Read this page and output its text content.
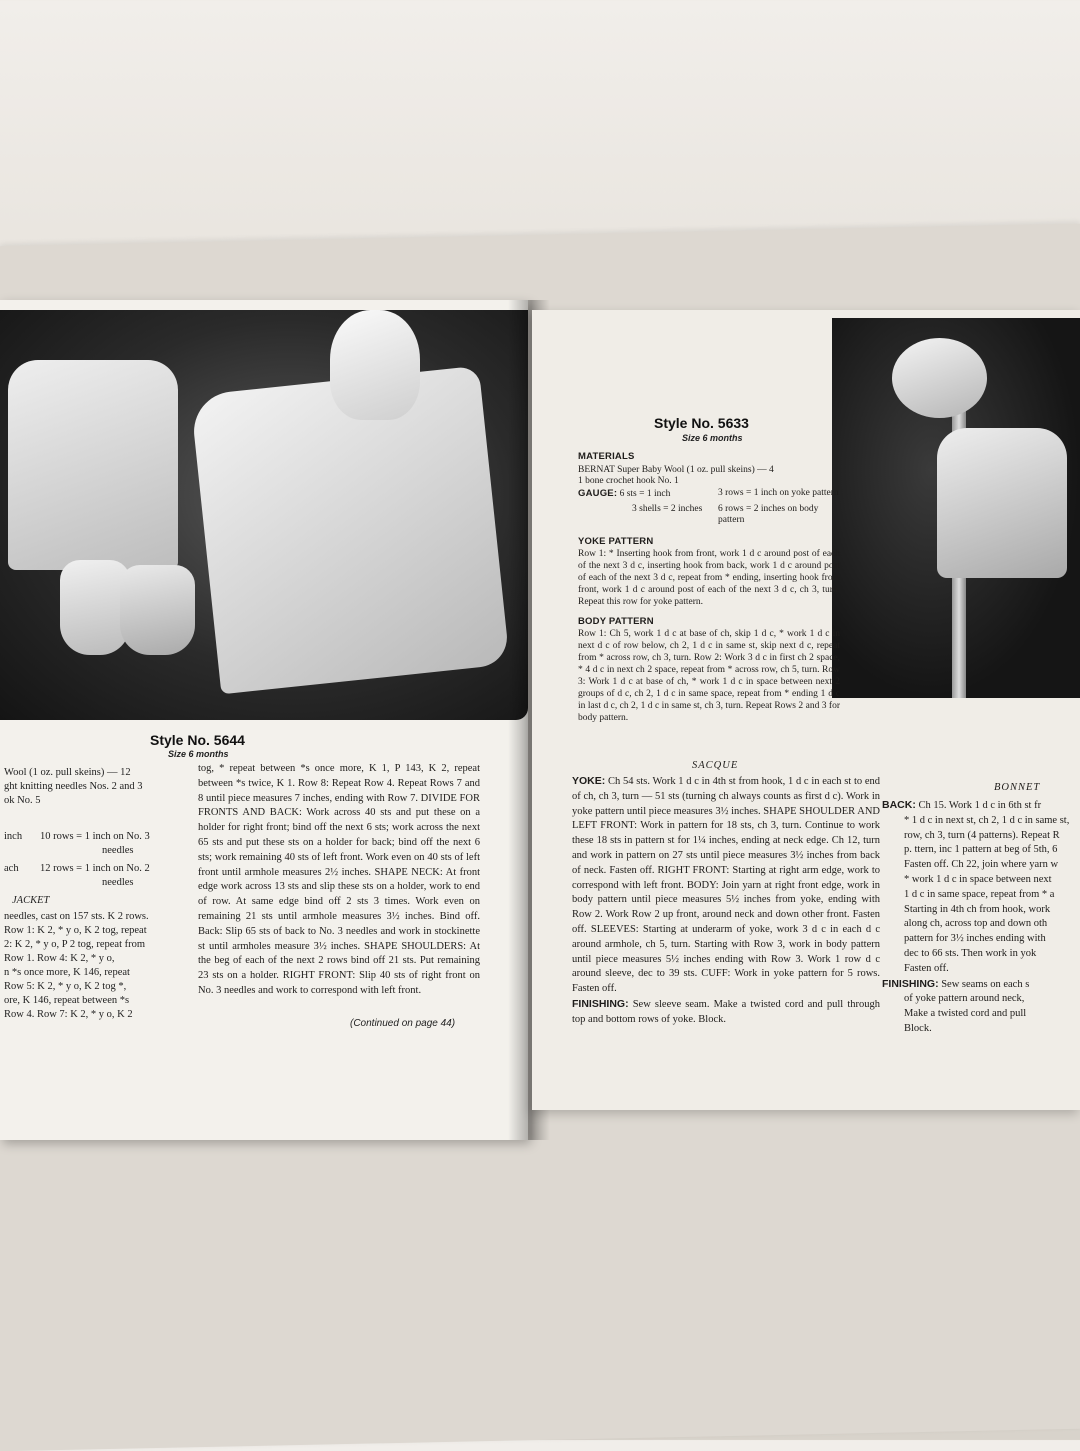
Style No. 5644
Size 6 months
Wool (1 oz. pull skeins) — 12
ght knitting needles Nos. 2 and 3
ok No. 5
inch 10 rows = 1 inch on No. 3
needles
ach 12 rows = 1 inch on No. 2
needles
JACKET
needles, cast on 157 sts. K 2 rows.
Row 1: K 2, * y o, K 2 tog, repeat
2: K 2, * y o, P 2 tog, repeat from
Row 1. Row 4: K 2, * y o,
n *s once more, K 146, repeat
Row 5: K 2, * y o, K 2 tog *,
ore, K 146, repeat between *s
Row 4. Row 7: K 2, * y o, K 2
tog, * repeat between *s once more, K 1, P 143, K 2, repeat between *s twice, K 1. Row 8: Repeat Row 4. Repeat Rows 7 and 8 until piece measures 7 inches, ending with Row 7. DIVIDE FOR FRONTS AND BACK: Work across 40 sts and put these on a holder for right front; bind off the next 6 sts; work across the next 65 sts and put these sts on a holder for back; bind off the next 6 sts; work remaining 40 sts of left front. Work even on 40 sts of left front until armhole measures 2½ inches. SHAPE NECK: At front edge work across 13 sts and slip these sts on a holder, work to end of row. At same edge bind off 2 sts 3 times. Work even on remaining 21 sts until armhole measures 3½ inches. Bind off. Back: Slip 65 sts of back to No. 3 needles and work in stockinette st until armholes measure 3½ inches. SHAPE SHOULDERS: At the beg of each of the next 2 rows bind off 21 sts. Put remaining 23 sts on a holder. RIGHT FRONT: Slip 40 sts of right front on No. 3 needles and work to correspond with left front.
(Continued on page 44)
Style No. 5633
Size 6 months

MATERIALS

BERNAT Super Baby Wool (1 oz. pull skeins) — 4

1 bone crochet hook No. 1

GAUGE: 6 sts = 1 inch	3 rows = 1 inch on yoke pattern
3 shells = 2 inches	6 rows = 2 inches on body pattern

YOKE PATTERN

Row 1: * Inserting hook from front, work 1 d c around post of each of the next 3 d c, inserting hook from back, work 1 d c around post of each of the next 3 d c, repeat from * ending, inserting hook from front, work 1 d c around post of each of the next 3 d c, ch 3, turn. Repeat this row for yoke pattern.

BODY PATTERN

Row 1: Ch 5, work 1 d c at base of ch, skip 1 d c, * work 1 d c in next d c of row below, ch 2, 1 d c in same st, skip next d c, repeat from * across row, ch 3, turn. Row 2: Work 3 d c in first ch 2 space, * 4 d c in next ch 2 space, repeat from * across row, ch 5, turn. Row 3: Work 1 d c at base of ch, * work 1 d c in space between next 2 groups of d c, ch 2, 1 d c in same space, repeat from * ending 1 d c in last d c, ch 2, 1 d c in same st, ch 3, turn. Repeat Rows 2 and 3 for body pattern.

SACQUE

YOKE: Ch 54 sts. Work 1 d c in 4th st from hook, 1 d c in each st to end of ch, ch 3, turn — 51 sts (turning ch always counts as first d c). Work in yoke pattern until piece measures 3½ inches. SHAPE SHOULDER AND LEFT FRONT: Work in pattern for 18 sts, ch 3, turn. Continue to work these 18 sts in pattern st for 1¼ inches, ending at neck edge. Ch 12, turn and work in pattern on 27 sts until piece measures 3½ inches from back of neck. Fasten off. RIGHT FRONT: Starting at right arm edge, work to correspond with left front. BODY: Join yarn at right front edge, work in body pattern until piece measures 5½ inches from yoke, ending with Row 2. Work Row 2 up front, around neck and down other front. Fasten off. SLEEVES: Starting at underarm of yoke, work 3 d c in each d c around armhole, ch 5, turn. Starting with Row 3, work in body pattern until piece measures 5½ inches ending with Row 3. Work 1 row d c around sleeve, dec to 39 sts. CUFF: Work in yoke pattern for 5 rows. Fasten off.

FINISHING: Sew sleeve seam. Make a twisted cord and pull through top and bottom rows of yoke. Block.

BONNET

BACK: Ch 15. Work 1 d c in 6th st fr

* 1 d c in next st, ch 2, 1 d c in same st,

row, ch 3, turn (4 patterns). Repeat R

p. ttern, inc 1 pattern at beg of 5th, 6

Fasten off. Ch 22, join where yarn w

* work 1 d c in space between next

1 d c in same space, repeat from * a

Starting in 4th ch from hook, work

along ch, across top and down oth

pattern for 3½ inches ending with

dec to 66 sts. Then work in yok

Fasten off.

FINISHING: Sew seams on each s

of yoke pattern around neck,

Make a twisted cord and pull

Block.
